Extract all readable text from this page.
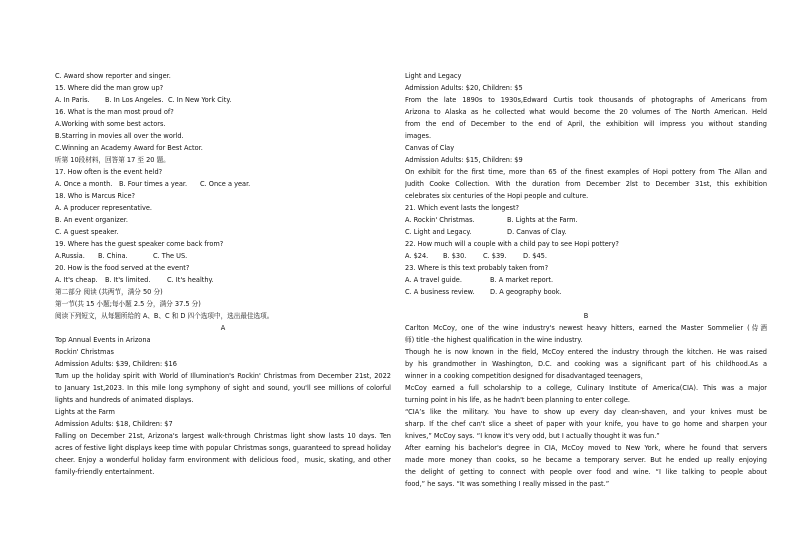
C. Award show reporter and singer.
15. Where did the man grow up?
A. In Paris. B. In Los Angeles. C. In New York City.
16. What is the man most proud of?
A.Working with some best actors.
B.Starring in movies all over the world.
C.Winning an Academy Award for Best Actor.
听第 10段材料，回答第 17 至 20 题。
17. How often is the event held?
A. Once a month. B. Four times a year. C. Once a year.
18. Who is Marcus Rice?
A. A producer representative.
B. An event organizer.
C. A guest speaker.
19. Where has the guest speaker come back from?
A.Russia. B. China.	C. The US.
20. How is the food served at the event?
A. It's cheap. B. It's limited.	C. It's healthy.
第二部分 阅读 (共两节，满分 50 分)
第一节(共 15 小题;每小题 2.5 分，满分 37.5 分)
阅读下列短文，从每题所给的 A、B、C 和 D 四个选项中，选出最佳选项。
A
Top Annual Events in Arizona
Rockin' Christmas
Admission Adults: $39, Children: $16
Tum up the holiday spirit with World of Illumination's Rockin' Christmas from December 21st, 2022
to January 1st,2023. In this mile long symphony of sight and sound, you'll see millions of colorful
lights and hundreds of animated displays.
Lights at the Farm
Admission Adults: $18, Children: $7
Falling on December 21st, Arizona's largest walk-through Christmas light show lasts 10 days. Ten
acres of festive light displays keep time with popular Christmas songs, guaranteed to spread holiday
cheer. Enjoy a wonderful holiday farm environment with delicious food，music, skating, and other
family-friendly entertainment.
Light and Legacy
Admission Adults: $20, Children: $5
From the late 1890s to 1930s,Edward Curtis took thousands of photographs of Americans from
Arizona to Alaska as he collected what would become the 20 volumes of The North American. Held
from the end of December to the end of April, the exhibition will impress you without standing
images.
Canvas of Clay
Admission Adults: $15, Children: $9
On exhibit for the first time, more than 65 of the finest examples of Hopi pottery from The Allan and
Judith Cooke Collection. With the duration from December 2lst to December 31st, this exhibition
celebrates six centuries of the Hopi people and culture.
21. Which event lasts the longest?
A. Rockin' Christmas.	B. Lights at the Farm.
C. Light and Legacy.	D. Canvas of Clay.
22. How much will a couple with a child pay to see Hopi pottery?
A. $24. B. $30.	C. $39.	D. $45.
23. Where is this text probably taken from?
A. A travel guide.	B. A market report.
C. A business review. D. A geography book.
B
Carlton McCoy, one of the wine industry's newest heavy hitters, earned the Master Sommelier (侍酒
师) title -the highest qualification in the wine industry.
Though he is now known in the field, McCoy entered the industry through the kitchen. He was raised
by his grandmother in Washington, D.C. and cooking was a significant part of his childhood.As a
winner in a cooking competition designed for disadvantaged teenagers，
McCoy earned a full scholarship to a college, Culinary Institute of America(CIA). This was a major
turning point in his life, as he hadn't been planning to enter college.
“CIA’s like the military. You have to show up every day clean-shaven, and your knives must be
sharp. If the chef can't slice a sheet of paper with your knife, you have to go home and sharpen your
knives,” McCoy says. “I know it's very odd, but I actually thought it was fun.”
After earning his bachelor's degree in CIA, McCoy moved to New York, where he found that servers
made more money than cooks, so he became a temporary server. But he ended up really enjoying
the delight of getting to connect with people over food and wine. “I like talking to people about
food,” he says. “It was something I really missed in the past.”
